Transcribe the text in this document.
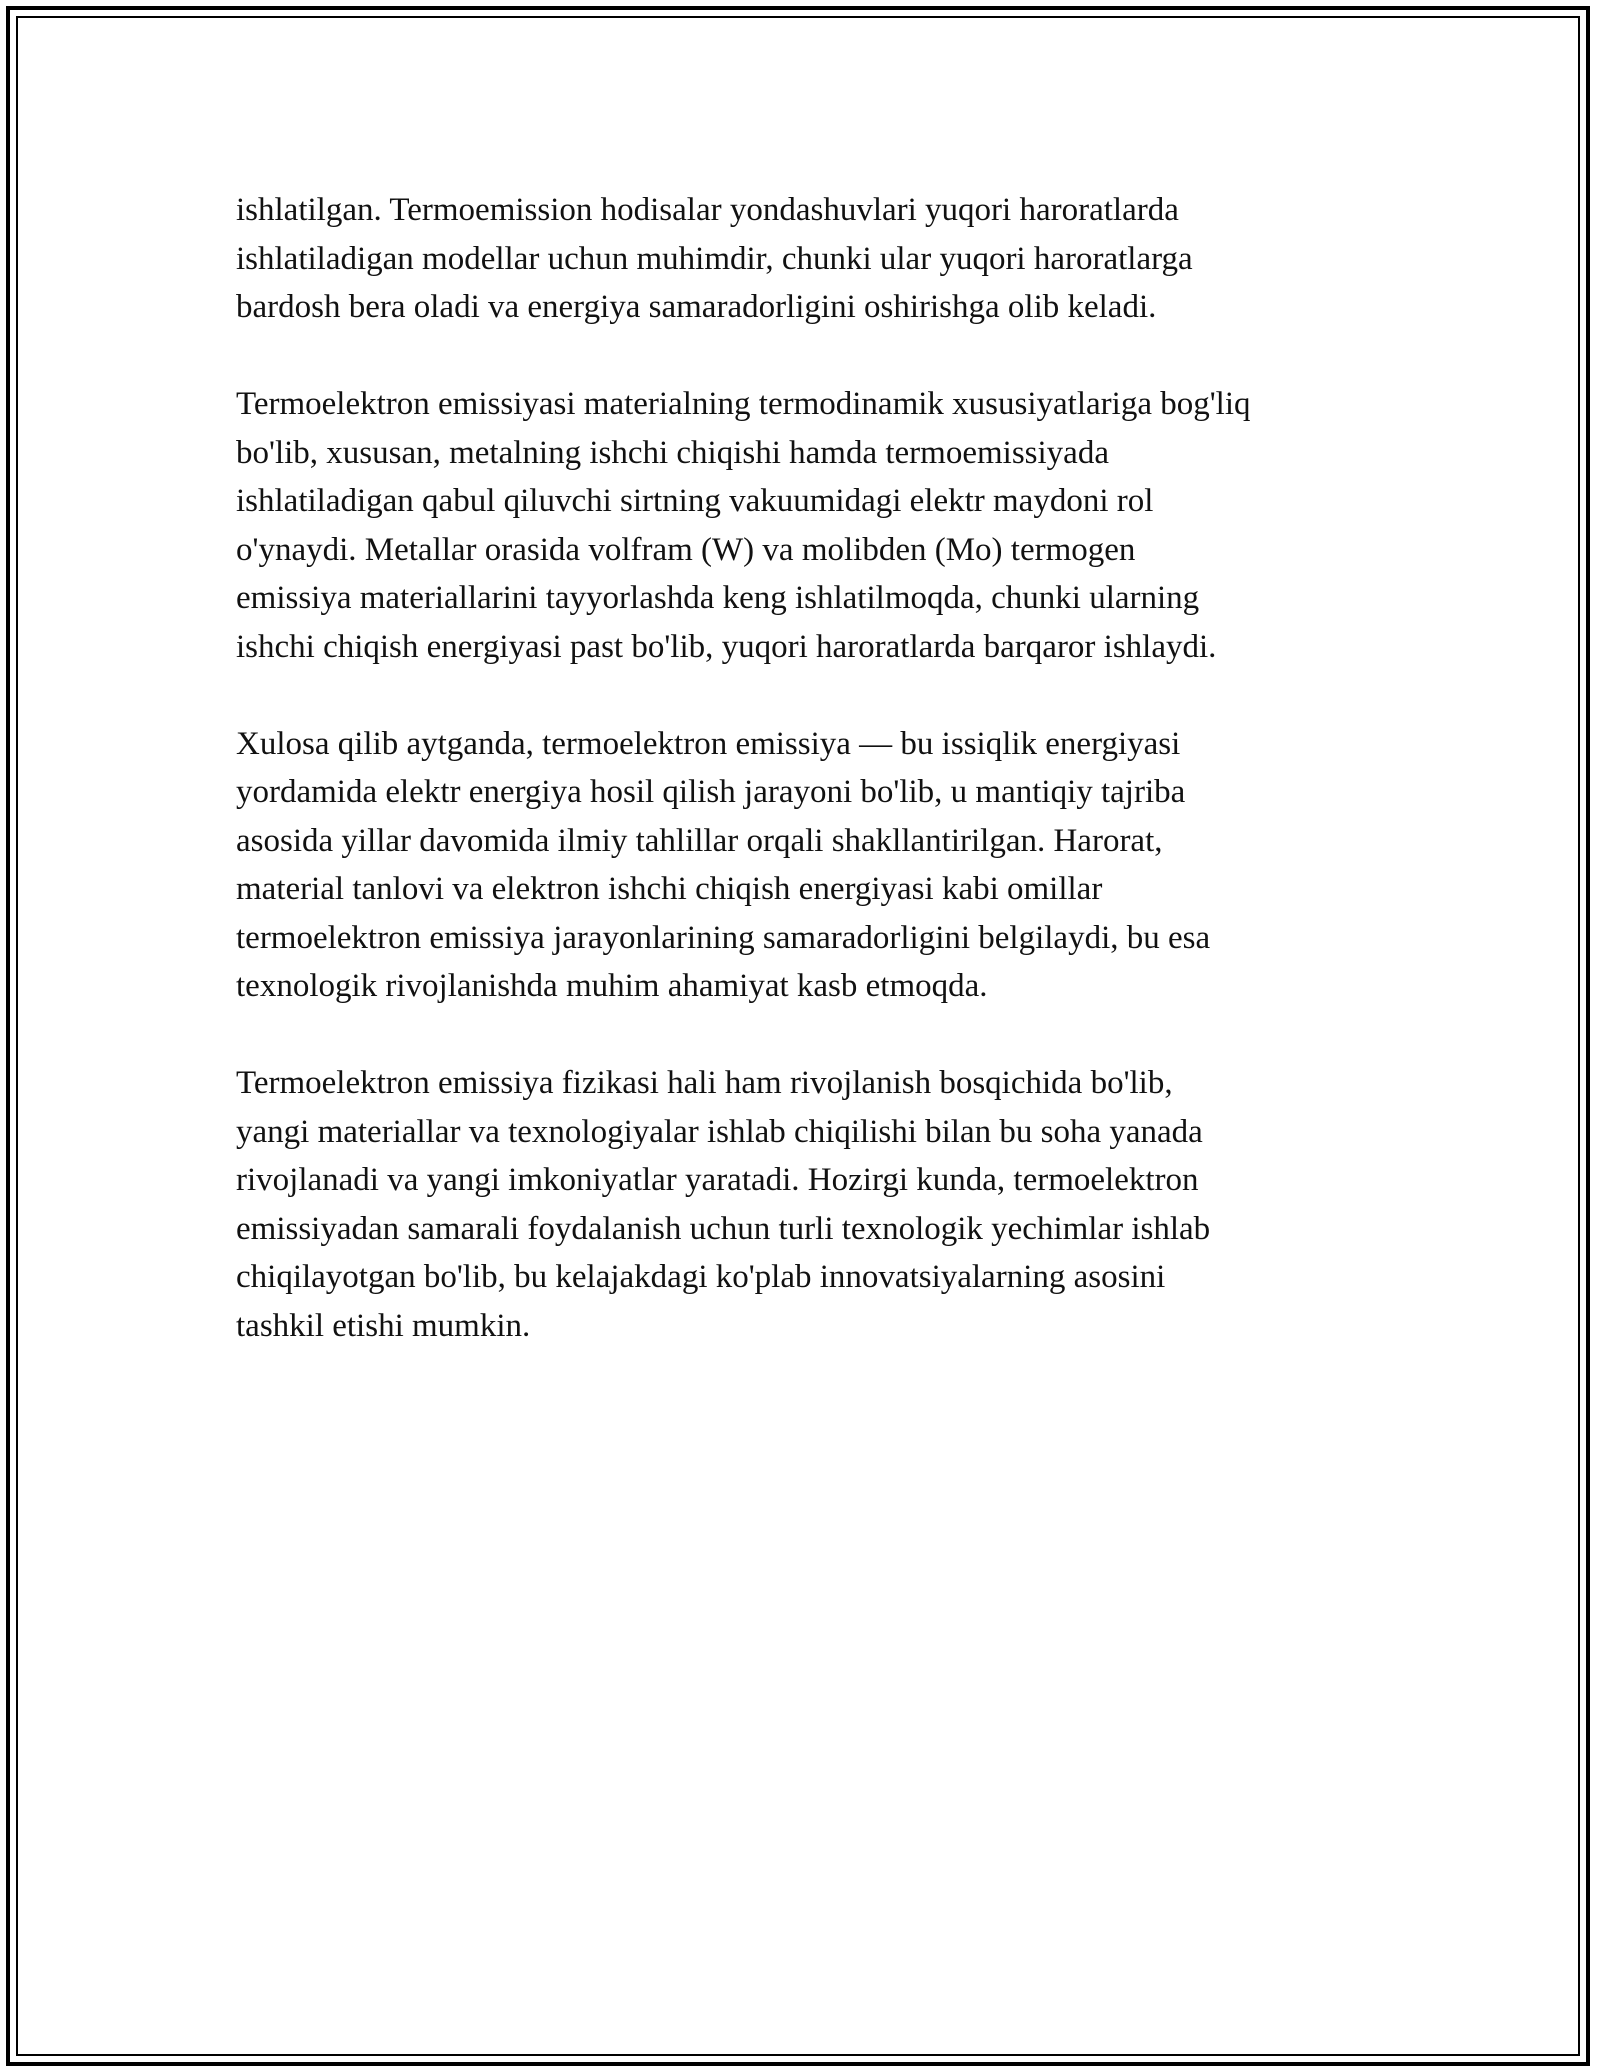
ishlatilgan. Termoemission hodisalar yondashuvlari yuqori haroratlarda
ishlatiladigan modellar uchun muhimdir, chunki ular yuqori haroratlarga
bardosh bera oladi va energiya samaradorligini oshirishga olib keladi.

Termoelektron emissiyasi materialning termodinamik xususiyatlariga bog'liq
bo'lib, xususan, metalning ishchi chiqishi hamda termoemissiyada
ishlatiladigan qabul qiluvchi sirtning vakuumidagi elektr maydoni rol
o'ynaydi. Metallar orasida volfram (W) va molibden (Mo) termogen
emissiya materiallarini tayyorlashda keng ishlatilmoqda, chunki ularning
ishchi chiqish energiyasi past bo'lib, yuqori haroratlarda barqaror ishlaydi.

Xulosa qilib aytganda, termoelektron emissiya — bu issiqlik energiyasi
yordamida elektr energiya hosil qilish jarayoni bo'lib, u mantiqiy tajriba
asosida yillar davomida ilmiy tahlillar orqali shakllantirilgan. Harorat,
material tanlovi va elektron ishchi chiqish energiyasi kabi omillar
termoelektron emissiya jarayonlarining samaradorligini belgilaydi, bu esa
texnologik rivojlanishda muhim ahamiyat kasb etmoqda.

Termoelektron emissiya fizikasi hali ham rivojlanish bosqichida bo'lib,
yangi materiallar va texnologiyalar ishlab chiqilishi bilan bu soha yanada
rivojlanadi va yangi imkoniyatlar yaratadi. Hozirgi kunda, termoelektron
emissiyadan samarali foydalanish uchun turli texnologik yechimlar ishlab
chiqilayotgan bo'lib, bu kelajakdagi ko'plab innovatsiyalarning asosini
tashkil etishi mumkin.
